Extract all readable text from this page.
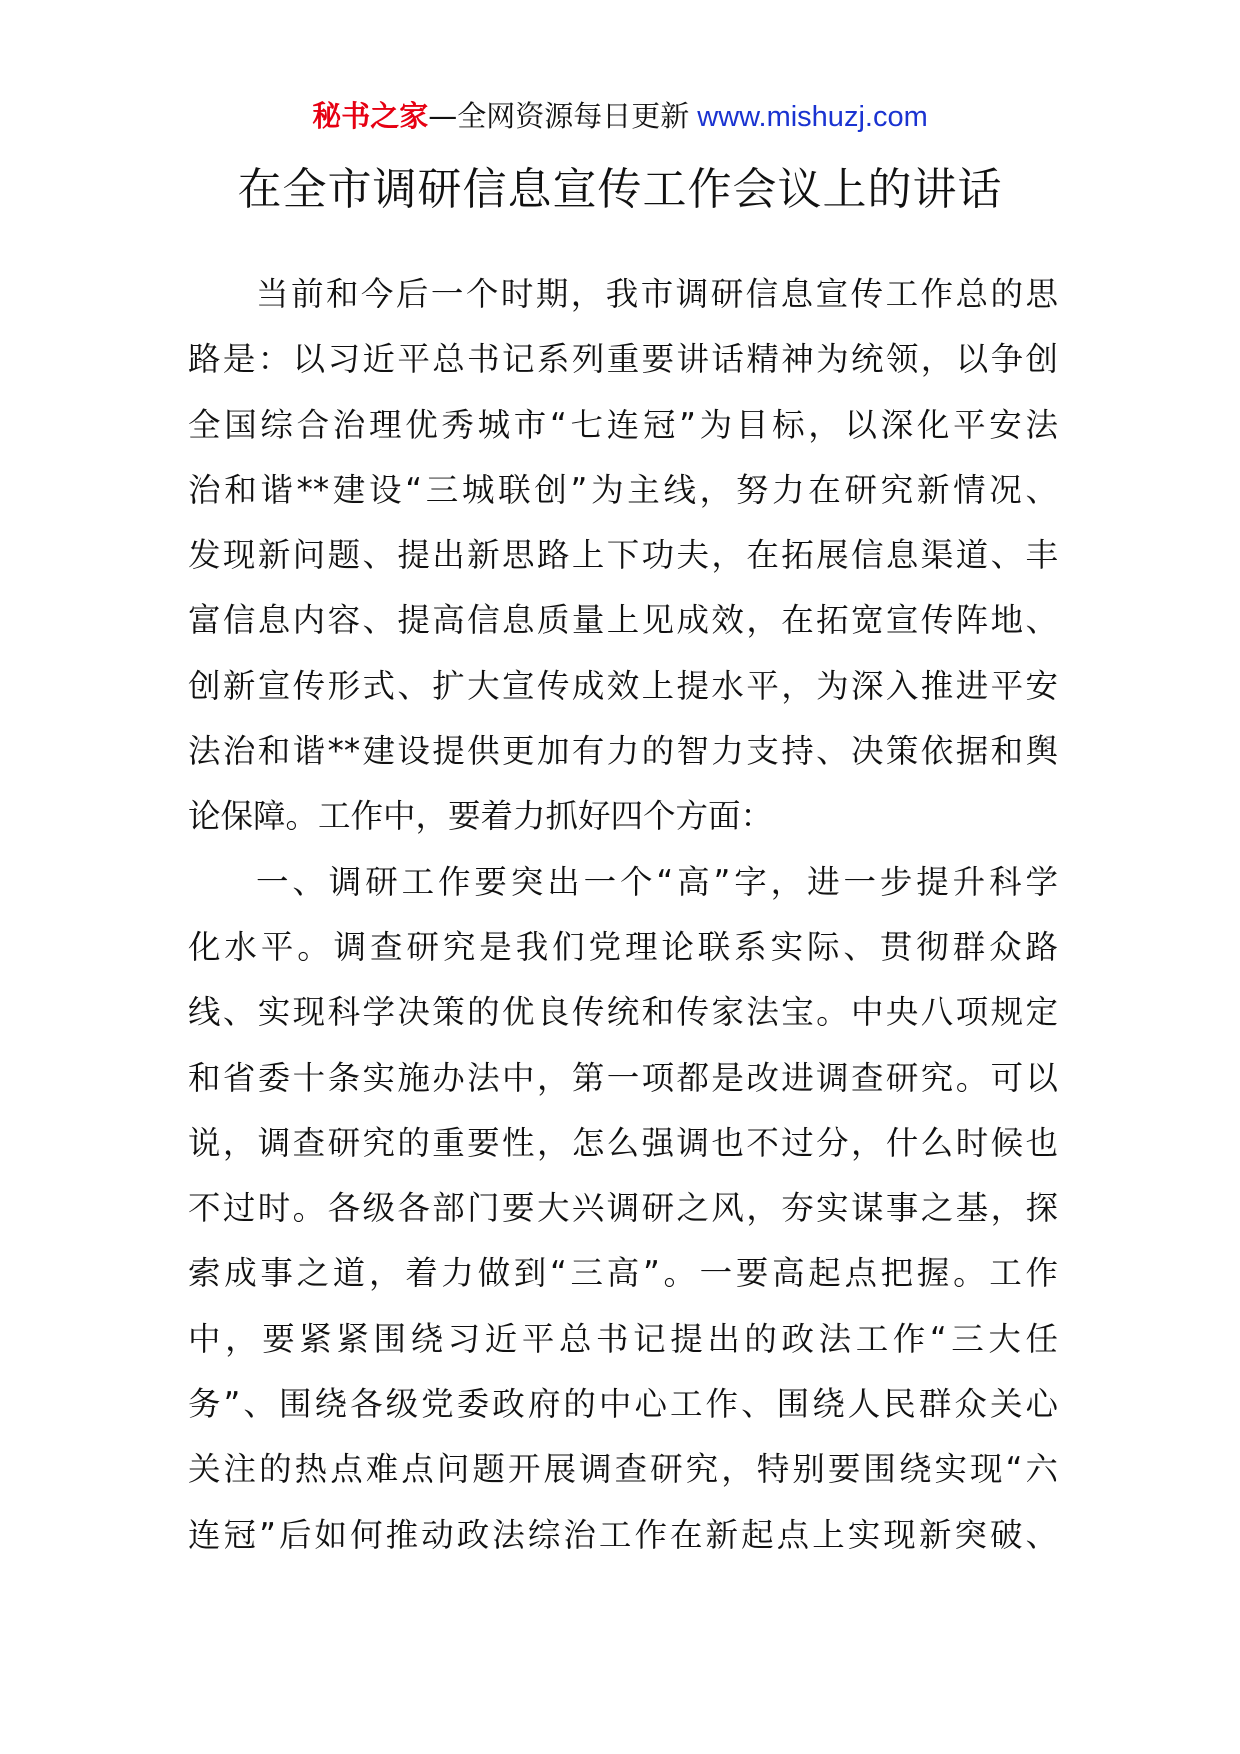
秘书之家—全网资源每日更新 www.mishuzj.com
在全市调研信息宣传工作会议上的讲话
当前和今后一个时期，我市调研信息宣传工作总的思
路是：以习近平总书记系列重要讲话精神为统领，以争创
全国综合治理优秀城市“七连冠”为目标，以深化平安法
治和谐**建设“三城联创”为主线，努力在研究新情况、
发现新问题、提出新思路上下功夫，在拓展信息渠道、丰
富信息内容、提高信息质量上见成效，在拓宽宣传阵地、
创新宣传形式、扩大宣传成效上提水平，为深入推进平安
法治和谐**建设提供更加有力的智力支持、决策依据和舆
论保障。工作中，要着力抓好四个方面：
一、调研工作要突出一个“高”字，进一步提升科学
化水平。调查研究是我们党理论联系实际、贯彻群众路
线、实现科学决策的优良传统和传家法宝。中央八项规定
和省委十条实施办法中，第一项都是改进调查研究。可以
说，调查研究的重要性，怎么强调也不过分，什么时候也
不过时。各级各部门要大兴调研之风，夯实谋事之基，探
索成事之道，着力做到“三高”。一要高起点把握。工作
中，要紧紧围绕习近平总书记提出的政法工作“三大任
务”、围绕各级党委政府的中心工作、围绕人民群众关心
关注的热点难点问题开展调查研究，特别要围绕实现“六
连冠”后如何推动政法综治工作在新起点上实现新突破、
